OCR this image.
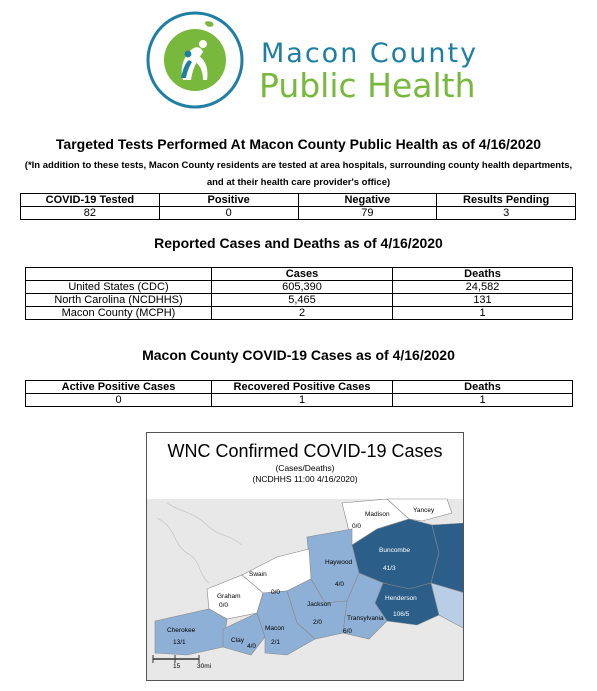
Macon County
Public Health
Targeted Tests Performed At Macon County Public Health as of 4/16/2020
(*In addition to these tests, Macon County residents are tested at area hospitals, surrounding county health departments, and at their health care provider's office)
COVID-19 Tested	Positive	Negative	Results Pending
82	0	79	3
Reported Cases and Deaths as of 4/16/2020
	Cases	Deaths
United States (CDC)	605,390	24,582
North Carolina (NCDHHS)	5,465	131
Macon County (MCPH)	2	1
Macon County COVID-19 Cases as of 4/16/2020
Active Positive Cases	Recovered Positive Cases	Deaths
0	1	1
WNC Confirmed COVID-19 Cases
(Cases/Deaths)
(NCDHHS 11:00 4/16/2020)
Madison
0/0
Yancey
Buncombe
41/3
Haywood
4/0
Swain
0/0
Graham
0/0
Henderson
106/5
Jackson
2/0
Transylvania
6/0
Cherokee
13/1	Clay
4/0
Macon
2/1
15	30mi
